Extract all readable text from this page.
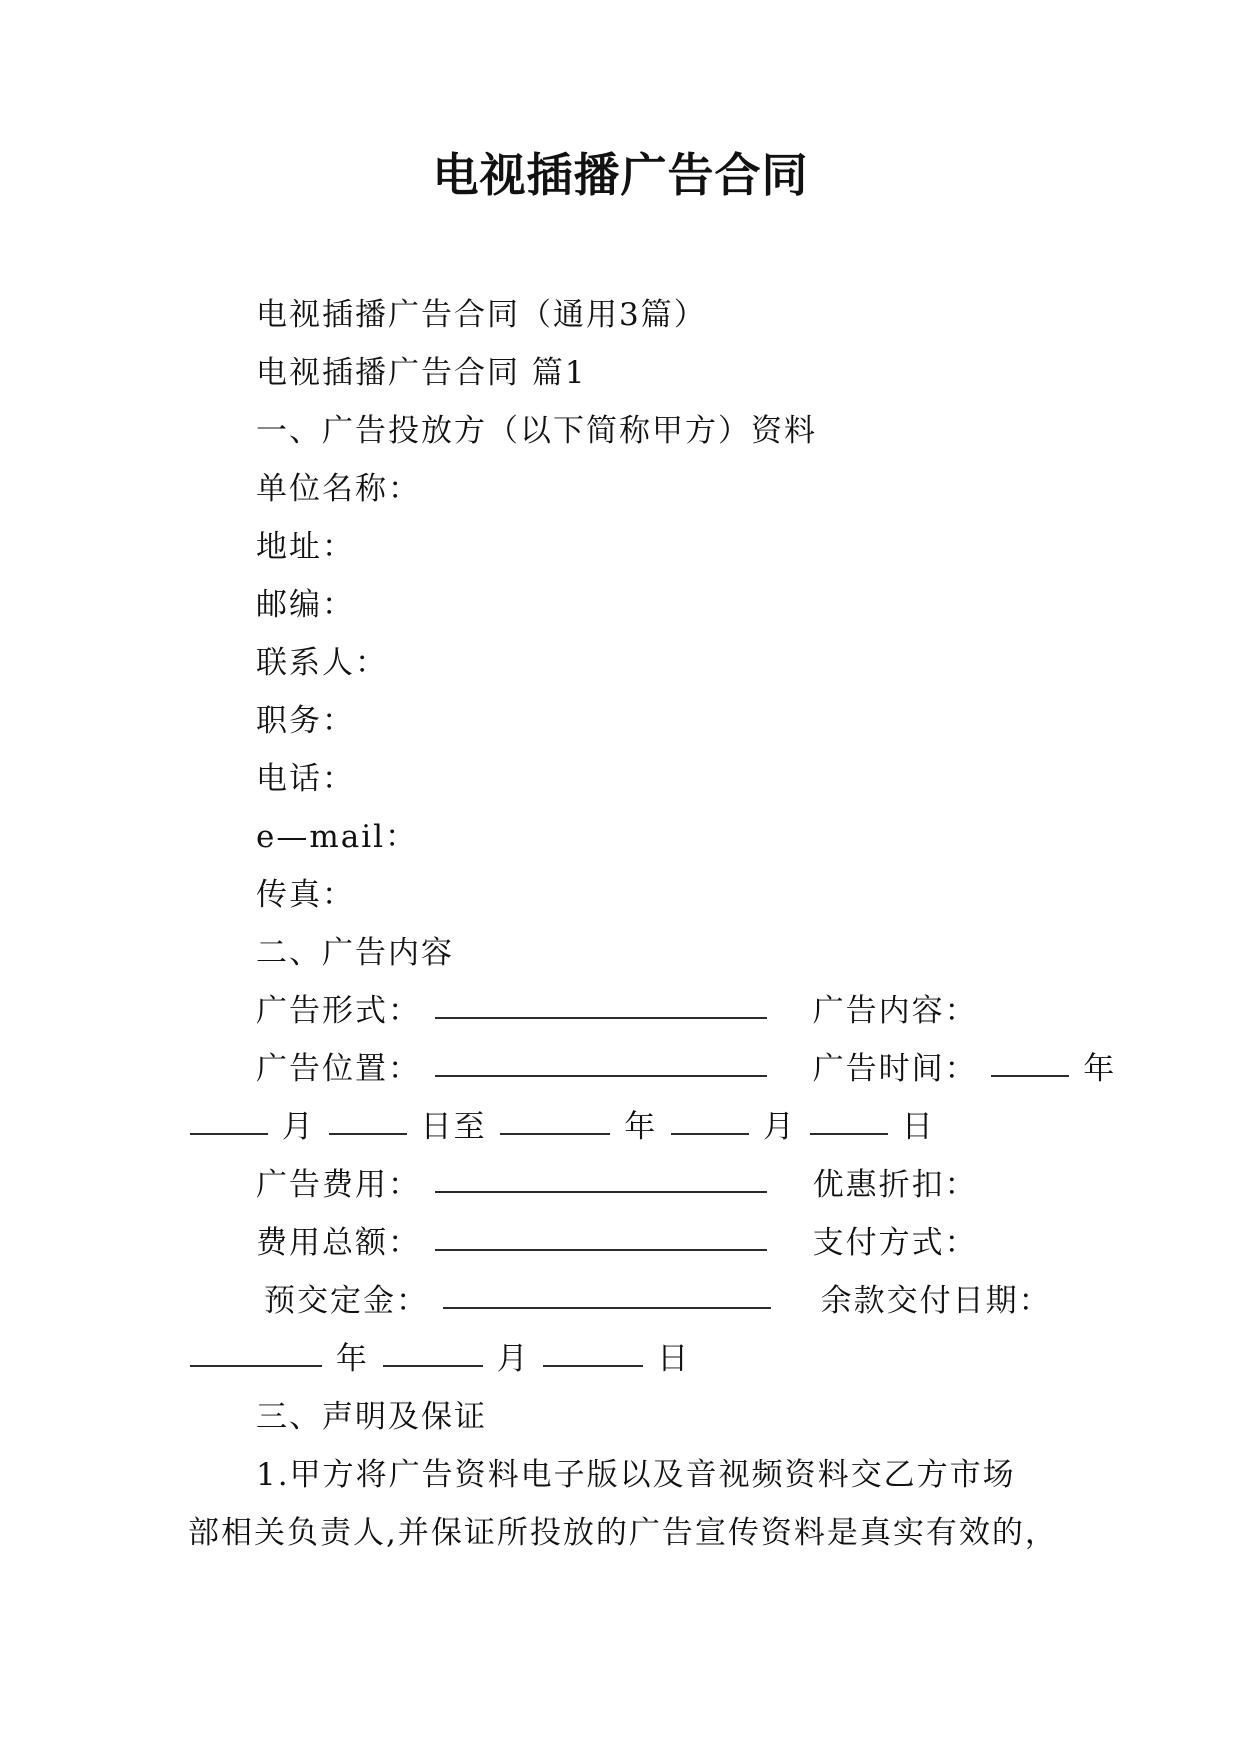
电视插播广告合同
电视插播广告合同（通用3篇）
电视插播广告合同 篇1
一、广告投放方（以下简称甲方）资料
单位名称：
地址：
邮编：
联系人：
职务：
电话：
e—mail：
传真：
二、广告内容
广告形式：	广告内容：
广告位置：	广告时间：	年
月	日至	年	月	日
广告费用：	优惠折扣：
费用总额：	支付方式：
预交定金：	余款交付日期：
年	月	日
三、声明及保证
1.甲方将广告资料电子版以及音视频资料交乙方市场
部相关负责人,并保证所投放的广告宣传资料是真实有效的，
